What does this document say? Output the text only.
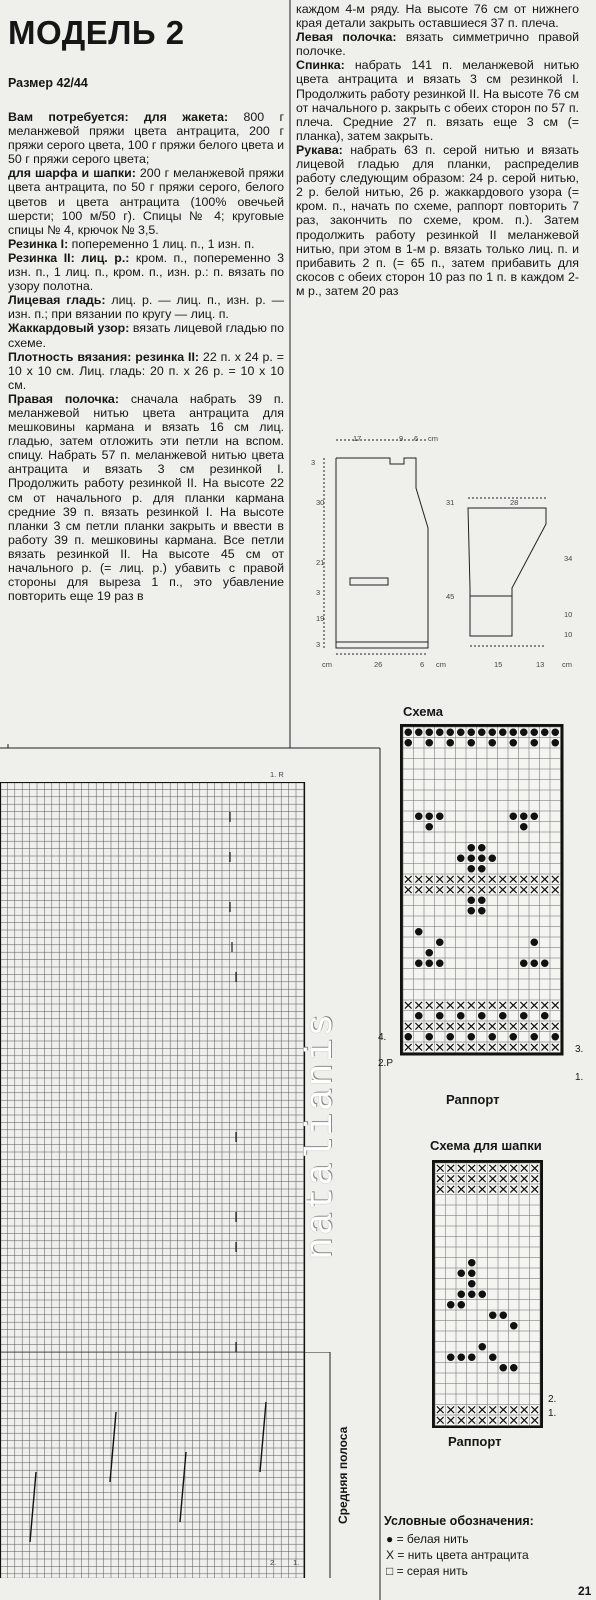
МОДЕЛЬ 2
Размер 42/44

Вам потребуется: для жакета: 800 г меланжевой пряжи цвета антрацита, 200 г пряжи серого цвета, 100 г пряжи белого цвета и 50 г пряжи серого цвета;

для шарфа и шапки: 200 г меланжевой пряжи цвета антрацита, по 50 г пряжи серого, белого цветов и цвета антрацита (100% овечьей шерсти; 100 м/50 г). Спицы № 4; круговые спицы № 4, крючок № 3,5.

Резинка I: попеременно 1 лиц. п., 1 изн. п.

Резинка II: лиц. р.: кром. п., попеременно 3 изн. п., 1 лиц. п., кром. п., изн. р.: п. вязать по узору полотна.

Лицевая гладь: лиц. р. — лиц. п., изн. р. — изн. п.; при вязании по кругу — лиц. п.

Жаккардовый узор: вязать лицевой гладью по схеме.

Плотность вязания: резинка II: 22 п. х 24 р. = 10 х 10 см. Лиц. гладь: 20 п. х 26 р. = 10 х 10 см.

Правая полочка: сначала набрать 39 п. меланжевой нитью цвета антрацита для мешковины кармана и вязать 16 см лиц. гладью, затем отложить эти петли на вспом. спицу. Набрать 57 п. меланжевой нитью цвета антрацита и вязать 3 см резинкой I. Продолжить работу резинкой II. На высоте 22 см от начального р. для планки кармана средние 39 п. вязать резинкой I. На высоте планки 3 см петли планки закрыть и ввести в работу 39 п. мешковины кармана. Все петли вязать резинкой II. На высоте 45 см от начального р. (= лиц. р.) убавить с правой стороны для выреза 1 п., это убавление повторить еще 19 раз в

каждом 4-м ряду. На высоте 76 см от нижнего края детали закрыть оставшиеся 37 п. плеча.

Левая полочка: вязать симметрично правой полочке.

Спинка: набрать 141 п. меланжевой нитью цвета антрацита и вязать 3 см резинкой I. Продолжить работу резинкой II. На высоте 76 см от начального р. закрыть с обеих сторон по 57 п. плеча. Средние 27 п. вязать еще 3 см (= планка), затем закрыть.

Рукава: набрать 63 п. серой нитью и вязать лицевой гладью для планки, распределив работу следующим образом: 24 р. серой нитью, 2 р. белой нитью, 26 р. жаккардового узора (= кром. п., начать по схеме, раппорт повторить 7 раз, закончить по схеме, кром. п.). Затем продолжить работу резинкой II меланжевой нитью, при этом в 1-м р. вязать только лиц. п. и прибавить 2 п. (= 65 п., затем прибавить для скосов с обеих сторон 10 раз по 1 п. в каждом 2-м р., затем 20 раз

17	9 6 cm
3
30
21
3
19
3
31
45
cm	26	6 cm
28
34
10
10
15	13 cm
1. R
2. 1.
Средняя полоса
natalianis
Схема
Раппорт
4.
2.Р
3.
1.
Схема для шапки
Раппорт
2.
1.
Условные обозначения:
● = белая нить
X = нить цвета антрацита
□ = серая нить
21
